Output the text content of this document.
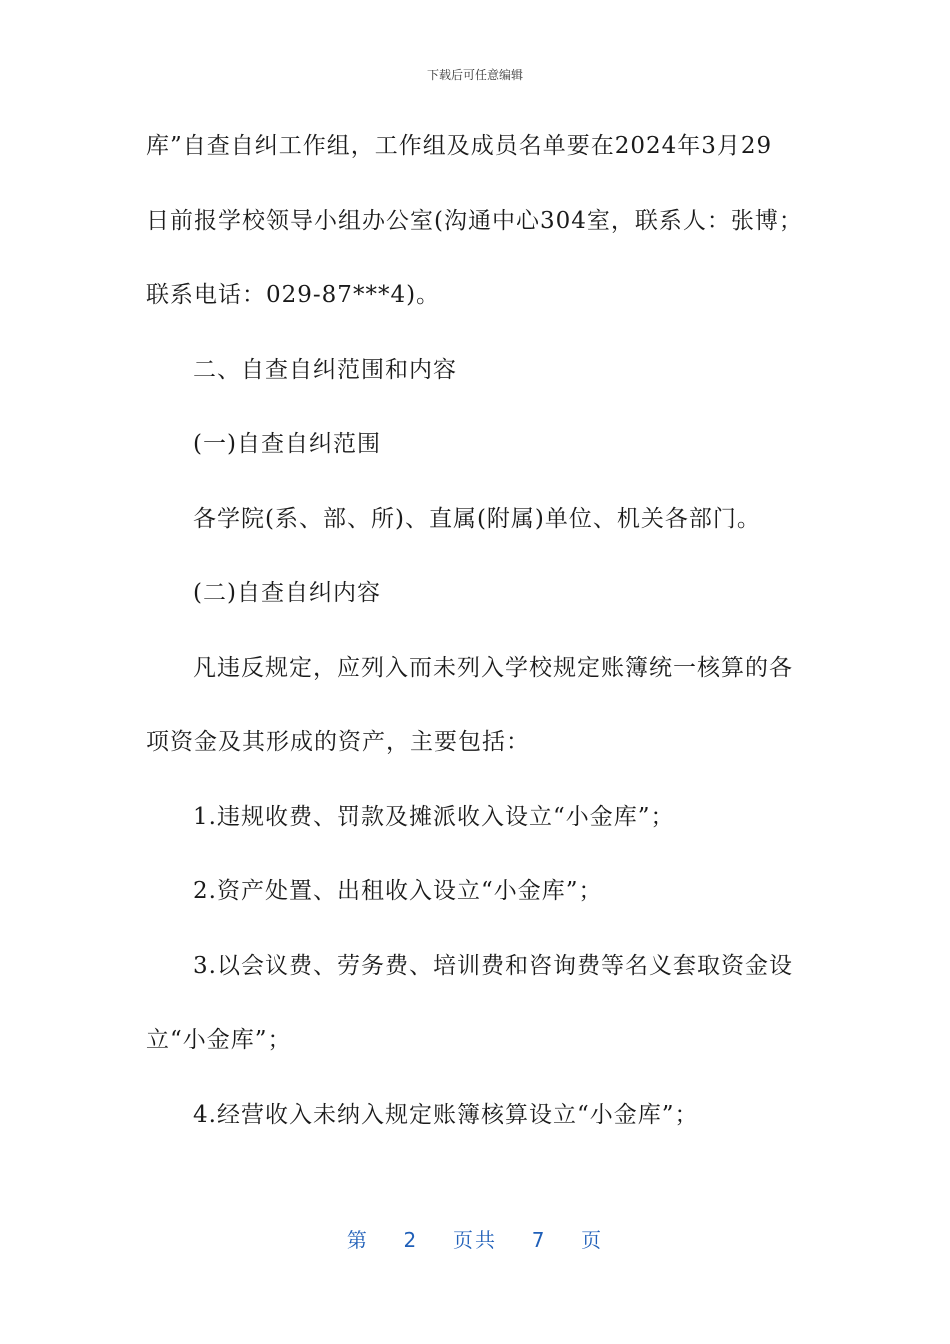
下载后可任意编辑
库”自查自纠工作组，工作组及成员名单要在2024年3月29
日前报学校领导小组办公室(沟通中心304室，联系人：张博；
联系电话：029-87***4)。
二、自查自纠范围和内容
(一)自查自纠范围
各学院(系、部、所)、直属(附属)单位、机关各部门。
(二)自查自纠内容
凡违反规定，应列入而未列入学校规定账簿统一核算的各
项资金及其形成的资产，主要包括：
1.违规收费、罚款及摊派收入设立“小金库”；
2.资产处置、出租收入设立“小金库”；
3.以会议费、劳务费、培训费和咨询费等名义套取资金设
立“小金库”；
4.经营收入未纳入规定账簿核算设立“小金库”；
第 2 页共 7 页
